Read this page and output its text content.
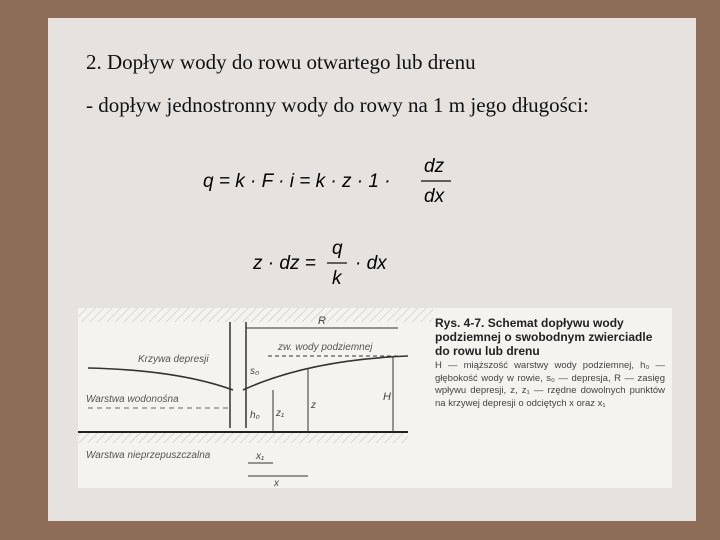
2. Dopływ wody do rowu otwartego lub drenu
- dopływ jednostronny wody do rowy na 1 m jego długości:
q = k · F · i = k · z · 1 ·
dz
dx
z · dz =
q
k
· dx
Krzywa depresji
Warstwa wodonośna
zw. wody podziemnej
Warstwa nieprzepuszczalna
R
s₀
h₀ z₁
z
H
x₁
x
Rys. 4-7. Schemat dopływu wody podziemnej o swobodnym zwierciadle do rowu lub drenu
H — miąższość warstwy wody podziemnej, h₀ — głębokość wody w rowie, s₀ — depresja, R — zasięg wpływu depresji, z, z₁ — rzędne dowolnych punktów na krzywej depresji o odciętych x oraz x₁
